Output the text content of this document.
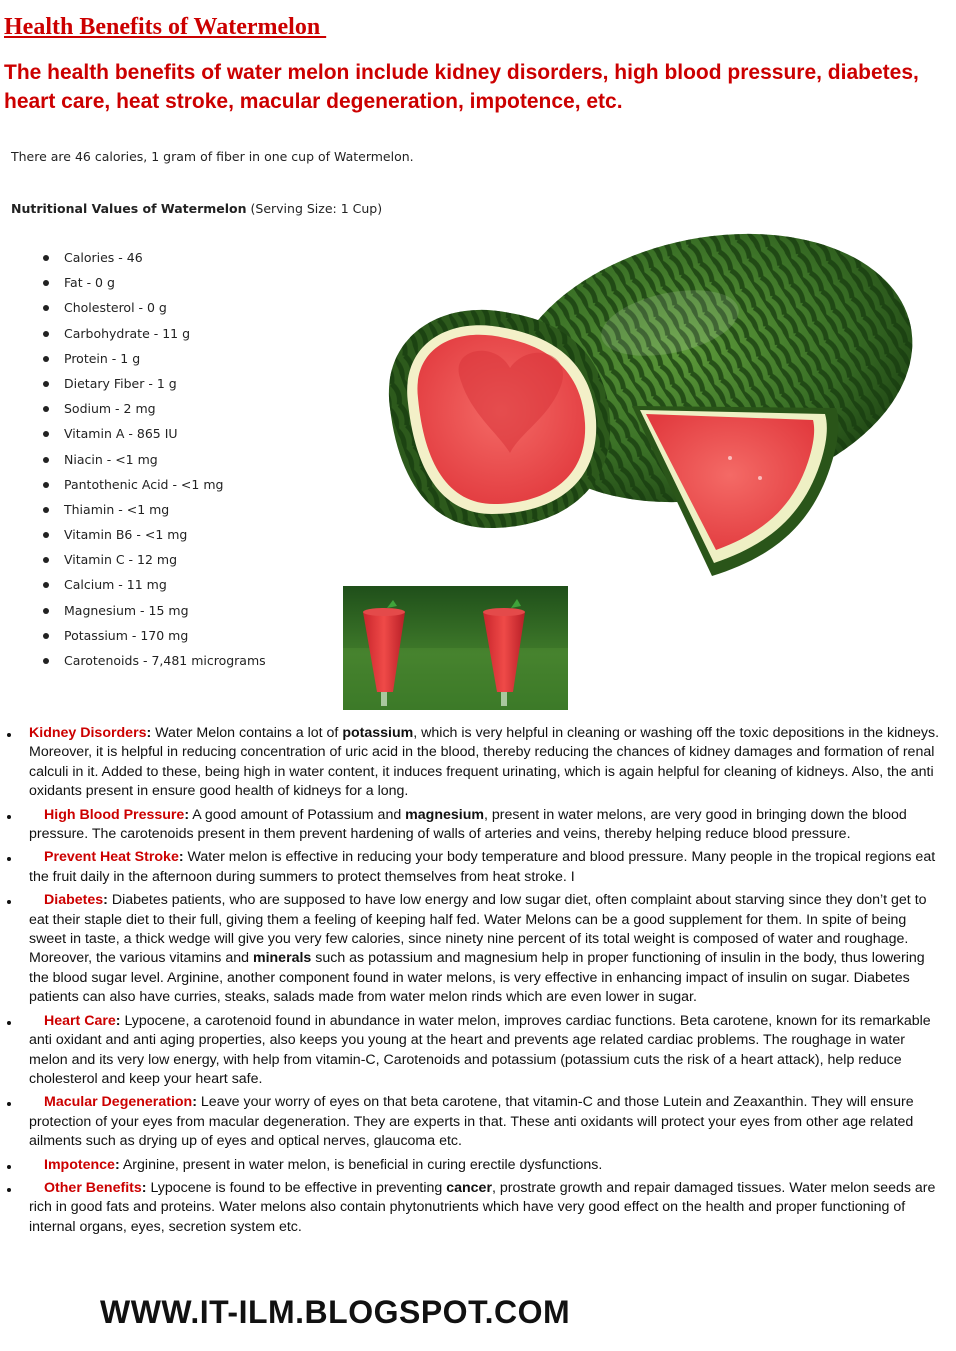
Health Benefits of Watermelon

The health benefits of water melon include kidney disorders, high blood pressure, diabetes, heart care, heat stroke, macular degeneration, impotence, etc.

There are 46 calories, 1 gram of fiber in one cup of Watermelon.
Nutritional Values of Watermelon (Serving Size: 1 Cup)
Calories - 46
Fat - 0 g
Cholesterol - 0 g
Carbohydrate - 11 g
Protein - 1 g
Dietary Fiber - 1 g
Sodium - 2 mg
Vitamin A - 865 IU
Niacin - <1 mg
Pantothenic Acid - <1 mg
Thiamin - <1 mg
Vitamin B6 - <1 mg
Vitamin C - 12 mg
Calcium - 11 mg
Magnesium - 15 mg
Potassium - 170 mg
Carotenoids - 7,481 micrograms
Kidney Disorders: Water Melon contains a lot of potassium, which is very helpful in cleaning or washing off the toxic depositions in the kidneys. Moreover, it is helpful in reducing concentration of uric acid in the blood, thereby reducing the chances of kidney damages and formation of renal calculi in it. Added to these, being high in water content, it induces frequent urinating, which is again helpful for cleaning of kidneys. Also, the anti oxidants present in ensure good health of kidneys for a long.
High Blood Pressure: A good amount of Potassium and magnesium, present in water melons, are very good in bringing down the blood pressure. The carotenoids present in them prevent hardening of walls of arteries and veins, thereby helping reduce blood pressure.
Prevent Heat Stroke: Water melon is effective in reducing your body temperature and blood pressure. Many people in the tropical regions eat the fruit daily in the afternoon during summers to protect themselves from heat stroke. I
Diabetes: Diabetes patients, who are supposed to have low energy and low sugar diet, often complaint about starving since they don’t get to eat their staple diet to their full, giving them a feeling of keeping half fed. Water Melons can be a good supplement for them. In spite of being sweet in taste, a thick wedge will give you very few calories, since ninety nine percent of its total weight is composed of water and roughage. Moreover, the various vitamins and minerals such as potassium and magnesium help in proper functioning of insulin in the body, thus lowering the blood sugar level. Arginine, another component found in water melons, is very effective in enhancing impact of insulin on sugar. Diabetes patients can also have curries, steaks, salads made from water melon rinds which are even lower in sugar.
Heart Care: Lypocene, a carotenoid found in abundance in water melon, improves cardiac functions. Beta carotene, known for its remarkable anti oxidant and anti aging properties, also keeps you young at the heart and prevents age related cardiac problems. The roughage in water melon and its very low energy, with help from vitamin-C, Carotenoids and potassium (potassium cuts the risk of a heart attack), help reduce cholesterol and keep your heart safe.
Macular Degeneration: Leave your worry of eyes on that beta carotene, that vitamin-C and those Lutein and Zeaxanthin. They will ensure protection of your eyes from macular degeneration. They are experts in that. These anti oxidants will protect your eyes from other age related ailments such as drying up of eyes and optical nerves, glaucoma etc.
Impotence: Arginine, present in water melon, is beneficial in curing erectile dysfunctions.
Other Benefits: Lypocene is found to be effective in preventing cancer, prostrate growth and repair damaged tissues. Water melon seeds are rich in good fats and proteins. Water melons also contain phytonutrients which have very good effect on the health and proper functioning of internal organs, eyes, secretion system etc.
WWW.IT-ILM.BLOGSPOT.COM
